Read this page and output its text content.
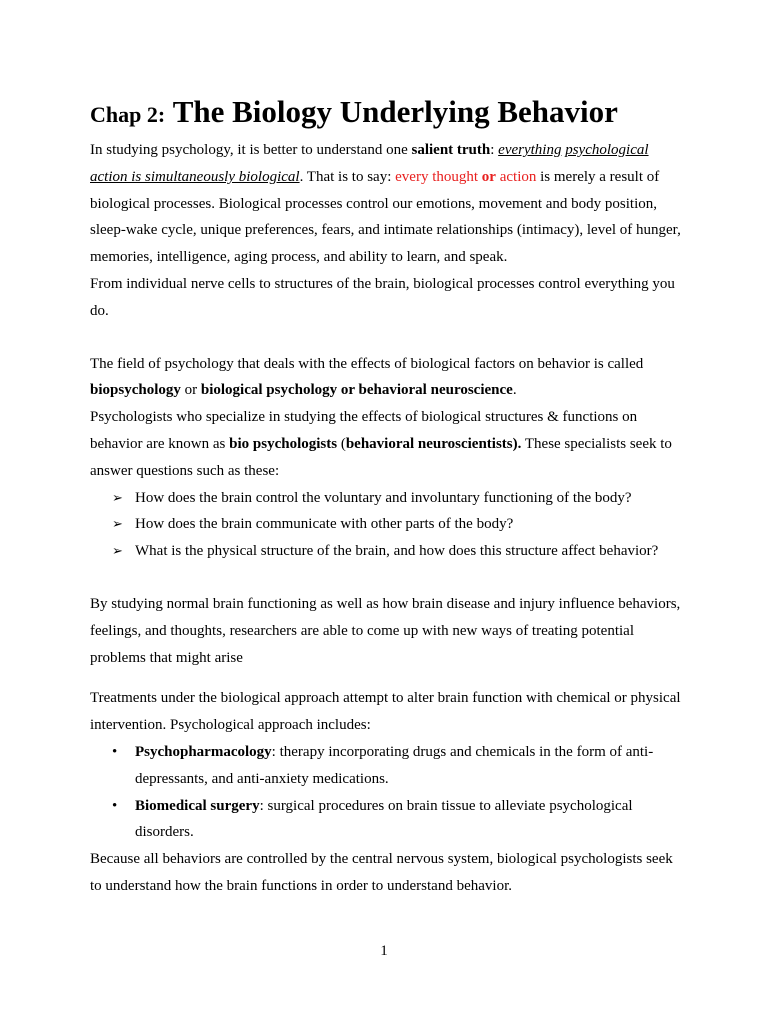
Chap 2: The Biology Underlying Behavior

In studying psychology, it is better to understand one salient truth: everything psychological action is simultaneously biological. That is to say: every thought or action is merely a result of biological processes. Biological processes control our emotions, movement and body position, sleep-wake cycle, unique preferences, fears, and intimate relationships (intimacy), level of hunger, memories, intelligence, aging process, and ability to learn, and speak.

From individual nerve cells to structures of the brain, biological processes control everything you do.

The field of psychology that deals with the effects of biological factors on behavior is called biopsychology or biological psychology or behavioral neuroscience.

Psychologists who specialize in studying the effects of biological structures & functions on behavior are known as bio psychologists (behavioral neuroscientists). These specialists seek to answer questions such as these:

➢ How does the brain control the voluntary and involuntary functioning of the body?
➢ How does the brain communicate with other parts of the body?
➢ What is the physical structure of the brain, and how does this structure affect behavior?

By studying normal brain functioning as well as how brain disease and injury influence behaviors, feelings, and thoughts, researchers are able to come up with new ways of treating potential problems that might arise

Treatments under the biological approach attempt to alter brain function with chemical or physical intervention. Psychological approach includes:

• Psychopharmacology: therapy incorporating drugs and chemicals in the form of anti-depressants, and anti-anxiety medications.
• Biomedical surgery: surgical procedures on brain tissue to alleviate psychological disorders.

Because all behaviors are controlled by the central nervous system, biological psychologists seek to understand how the brain functions in order to understand behavior.

1
